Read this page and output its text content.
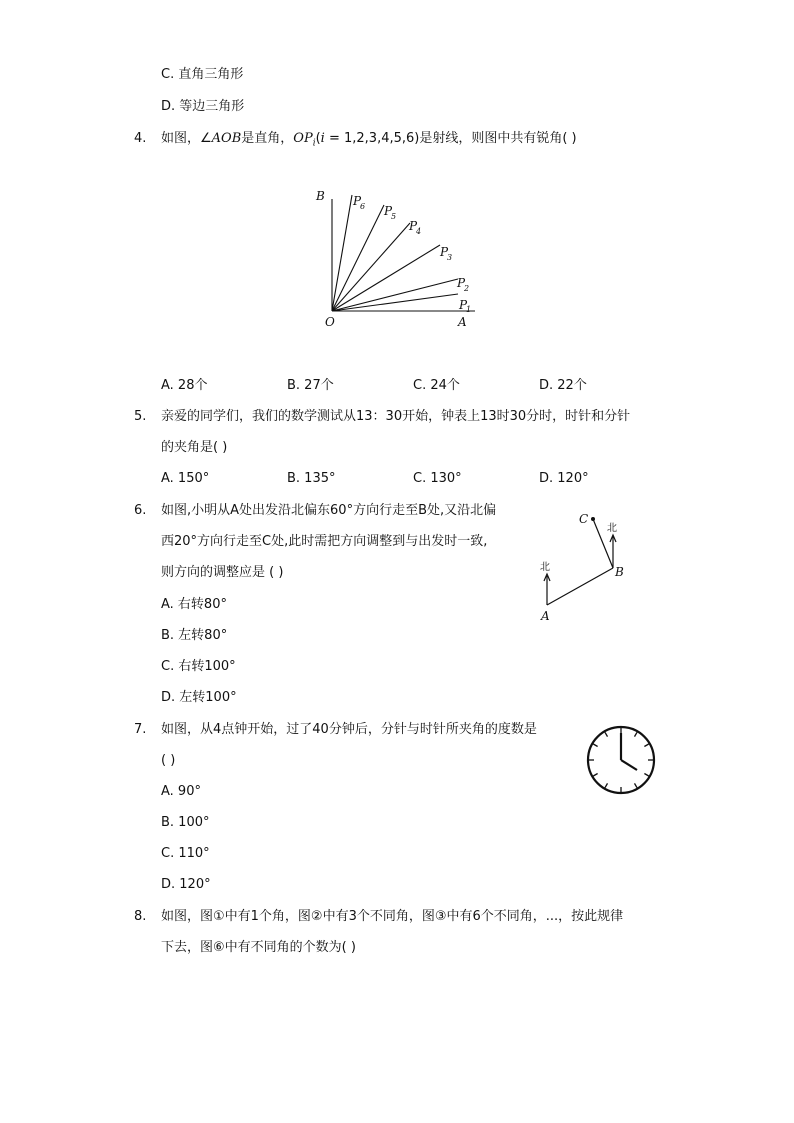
C. 直角三角形
D. 等边三角形
4. 如图，∠AOB是直角，$OP_i(i = 1,2,3,4,5,6)$是射线，则图中共有锐角( )
B
O	A
P
1
P
2
P
3
P
4
P
5
P
6
A. 28个	B. 27个	C. 24个	D. 22个
5. 亲爱的同学们，我们的数学测试从13：30开始，钟表上13时30分时，时针和分针
的夹角是( )
A. 150°	B. 135°	C. 130°	D. 120°
6. 如图,小明从A处出发沿北偏东60°方向行走至B处,又沿北偏
西20°方向行走至C处,此时需把方向调整到与出发时一致,
则方向的调整应是 ( )
A. 右转80°
B. 左转80°
C. 右转100°
D. 左转100°
A
B
C
北
北
7. 如图，从4点钟开始，过了40分钟后，分针与时针所夹角的度数是
( )
A. 90°
B. 100°
C. 110°
D. 120°
8. 如图，图①中有1个角，图②中有3个不同角，图③中有6个不同角，...，按此规律
下去，图⑥中有不同角的个数为( )
